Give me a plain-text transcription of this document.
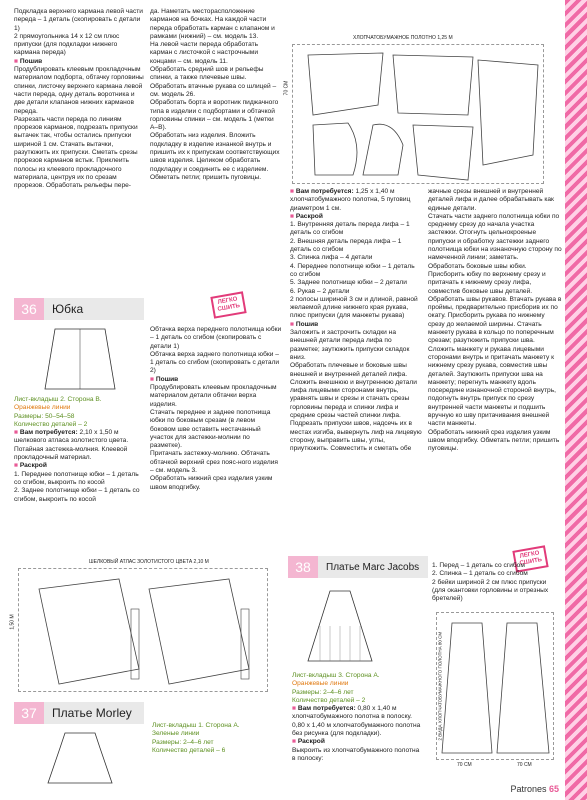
Подкладка верхнего кармана левой части переда – 1 деталь (скопировать с детали 1)
2 прямоугольника 14 x 12 см плюс припуски (для подкладки нижнего кармана переда)

■ Пошив

Продублировать клеевым прокладочным материалом подборта, обтачку горловины спинки, листочку верхнего кармана левой части переда, одну деталь воротника и две детали клапанов нижних карманов переда.
Разрезать части переда по линиям прорезов карманов, подрезать припуски вытачек так, чтобы остались припуски шириной 1 см. Стачать вытачки, разутюжить их припуски. Сметать срезы прорезов карманов встык. Приклеить полосы из клеевого прокладочного материала, центруя их по срезам прорезов. Обработать рельефы пере-

да. Наметать месторасположение карманов на бочках. На каждой части переда обработать карман с клапаном и рамками (нижний) – см. модель 13.
На левой части переда обработать карман с листочкой с настрочными концами – см. модель 11.
Обработать средний шов и рельефы спинки, а также плечевые швы.
Обработать втачные рукава со шлицей – см. модель 26.
Обработать борта и воротник пиджачного типа в изделии с подбортами и обтачкой горловины спинки – см. модель 1 (метки А–В).
Обработать низ изделия. Вложить подкладку в изделие изнанкой внутрь и пришить их к припускам соответствующих швов изделия. Целиком обработать подкладку и соединить ее с изделием. Обметать петли; пришить пуговицы.

ХЛОПЧАТОБУМАЖНОЕ ПОЛОТНО 1,25 М
70 СМ

■ Вам потребуется: 1,25 x 1,40 м хлопчатобумажного полотна, 5 пуговиц диаметром 1 см.

■ Раскрой

1. Внутренняя деталь переда лифа – 1 деталь со сгибом
2. Внешняя деталь переда лифа – 1 деталь со сгибом
3. Спинка лифа – 4 детали
4. Переднее полотнище юбки – 1 деталь со сгибом
5. Заднее полотнище юбки – 2 детали
6. Рукав – 2 детали
2 полосы шириной 3 см и длиной, равной желаемой длине нижнего края рукава, плюс припуски (для манжеты рукава)

■ Пошив

Заложить и застрочить складки на внешней детали переда лифа по разметке; заутюжить припуски складок вниз.
Обработать плечевые и боковые швы внешней и внутренней деталей лифа. Сложить внешнюю и внутреннюю детали лифа лицевыми сторонами внутрь, уравнять швы и срезы и стачать срезы горловины переда и спинки лифа и средние срезы частей спинки лифа. Подрезать припуски швов, надсечь их в местах изгиба, вывернуть лиф на лицевую сторону, выправить швы, углы, приутюжить. Совместить и сметать обе

жачные срезы внешней и внутренней деталей лифа и далее обрабатывать как единые детали.
Стачать части заднего полотнища юбки по среднему срезу до начала участка застежки. Отогнуть цельнокроеные припуски и обработку застежки заднего полотнища юбки на изнаночную сторону по намеченной линии; заметать.
Обработать боковые швы юбки. Присборить юбку по верхнему срезу и притачать к нижнему срезу лифа, совместив боковые швы деталей.
Обработать швы рукавов. Втачать рукава в проймы, предварительно присборив их по окату. Присборить рукава по нижнему срезу до желаемой ширины. Стачать манжету рукава в кольцо по поперечным срезам; разутюжить припуски шва.
Сложить манжету и рукава лицевыми сторонами внутрь и притачать манжету к нижнему срезу рукава, совместив швы деталей. Заутюжить припуски шва на манжету; перегнуть манжету вдоль посередине изнаночной стороной внутрь, подогнуть внутрь припуск по срезу внутренней части манжеты и подшить вручную ко шву притачивания внешней части манжеты.
Обработать нижний срез изделия узким швом вподгибку. Обметать петли; пришить пуговицы.

36	Юбка
ЛЕГКО
СШИТЬ

Лист-вкладыш 2. Сторона В.

Оранжевые линии

Размеры: 50–54–58

Количество деталей – 2

■ Вам потребуется: 2,10 x 1,50 м шелкового атласа золотистого цвета. Потайная застежка-молния. Клеевой прокладочный материал.

■ Раскрой

1. Переднее полотнище юбки – 1 деталь со сгибом, выкроить по косой
2. Заднее полотнище юбки – 1 деталь со сгибом, выкроить по косой

Обтачка верха переднего полотнища юбки – 1 деталь со сгибом (скопировать с детали 1)
Обтачка верха заднего полотнища юбки – 1 деталь со сгибом (скопировать с детали 2)

■ Пошив

Продублировать клеевым прокладочным материалом детали обтачки верха изделия.
Стачать переднее и заднее полотнища юбки по боковым срезам (в левом боковом шве оставить нестачанный участок для застежки-молнии по разметке).
Притачать застежку-молнию. Обтачать обтачкой верхний срез пояс-ного изделия – см. модель 3.
Обработать нижний срез изделия узким швом вподгибку.

ШЕЛКОВЫЙ АТЛАС ЗОЛОТИСТОГО ЦВЕТА 2,10 М
1,50 М
37	Платье Morley

Лист-вкладыш 1. Сторона А.

Зеленые линии

Размеры: 2–4–6 лет

Количество деталей – 6

38	Платье Marc Jacobs
ЛЕГКО
СШИТЬ

Лист-вкладыш 3. Сторона А.

Оранжевые линии

Размеры: 2–4–6 лет

Количество деталей – 2

■ Вам потребуется: 0,80 x 1,40 м хлопчатобумажного полотна в полоску. 0,80 x 1,40 м хлопчатобумажного полотна без рисунка (для подкладки).

■ Раскрой

Выкроить из хлопчатобумажного полотна в полоску:

1. Перед – 1 деталь со сгибом
2. Спинка – 1 деталь со сгибом
2 бейки шириной 2 см плюс припуски (для окантовки горловины и отрезных бретелей)

2 ВИДА ХЛОПЧАТОБУМАЖНОГО ПОЛОТНА 80 СМ
70 СМ	70 СМ
Patrones 65
